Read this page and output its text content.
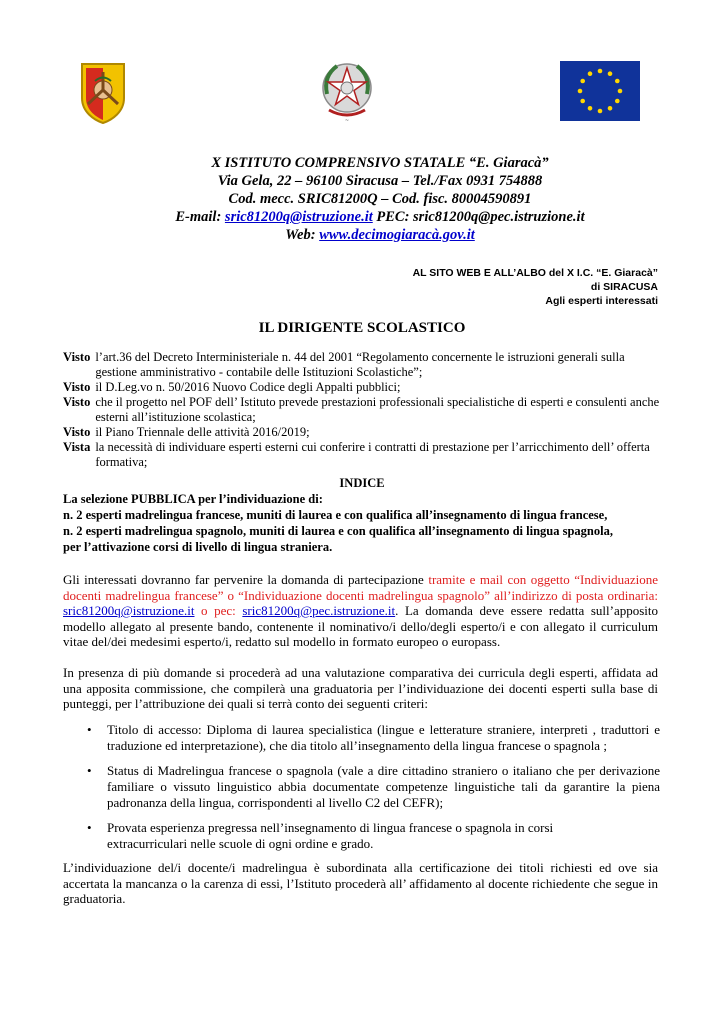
~
X ISTITUTO COMPRENSIVO STATALE “E. Giaracà”
Via Gela, 22 – 96100 Siracusa – Tel./Fax 0931 754888
Cod. mecc. SRIC81200Q – Cod. fisc. 80004590891
E-mail: sric81200q@istruzione.it PEC: sric81200q@pec.istruzione.it
Web: www.decimogiaracà.gov.it
AL SITO WEB E ALL’ALBO del X I.C. “E. Giaracà”
di SIRACUSA
Agli esperti interessati
IL DIRIGENTE SCOLASTICO
Visto l’art.36 del Decreto Interministeriale n. 44 del 2001 “Regolamento concernente le istruzioni generali sulla gestione amministrativo - contabile delle Istituzioni Scolastiche”;
Visto il D.Leg.vo n. 50/2016 Nuovo Codice degli Appalti pubblici;
Visto che il progetto nel POF dell’ Istituto prevede prestazioni professionali specialistiche di esperti e consulenti anche esterni all’istituzione scolastica;
Visto il Piano Triennale delle attività 2016/2019;
Vista la necessità di individuare esperti esterni cui conferire i contratti di prestazione per l’arricchimento dell’ offerta formativa;
INDICE
La selezione PUBBLICA per l’individuazione di:
n. 2 esperti madrelingua francese, muniti di laurea e con qualifica all’insegnamento di lingua francese,
n. 2 esperti madrelingua spagnolo, muniti di laurea e con qualifica all’insegnamento di lingua spagnola,
per l’attivazione corsi di livello di lingua straniera.
Gli interessati dovranno far pervenire la domanda di partecipazione tramite e mail con oggetto “Individuazione docenti madrelingua francese” o “Individuazione docenti madrelingua spagnolo” all’indirizzo di posta ordinaria: sric81200q@istruzione.it o pec: sric81200q@pec.istruzione.it. La domanda deve essere redatta sull’apposito modello allegato al presente bando, contenente il nominativo/i dello/degli esperto/i e con allegato il curriculum vitae del/dei medesimi esperto/i, redatto sul modello in formato europeo o europass.
In presenza di più domande si procederà ad una valutazione comparativa dei curricula degli esperti, affidata ad una apposita commissione, che compilerà una graduatoria per l’individuazione dei docenti esperti sulla base di punteggi, per l’attribuzione dei quali si terrà conto dei seguenti criteri:
• Titolo di accesso: Diploma di laurea specialistica (lingue e letterature straniere, interpreti , traduttori e traduzione ed interpretazione), che dia titolo all’insegnamento della lingua francese o spagnola ;
• Status di Madrelingua francese o spagnola (vale a dire cittadino straniero o italiano che per derivazione familiare o vissuto linguistico abbia documentate competenze linguistiche tali da garantire la piena padronanza della lingua, corrispondenti al livello C2 del CEFR);
• Provata esperienza pregressa nell’insegnamento di lingua francese o spagnola in corsi
extracurriculari nelle scuole di ogni ordine e grado.
L’individuazione del/i docente/i madrelingua è subordinata alla certificazione dei titoli richiesti ed ove sia accertata la mancanza o la carenza di essi, l’Istituto procederà all’ affidamento al docente richiedente che segue in graduatoria.
